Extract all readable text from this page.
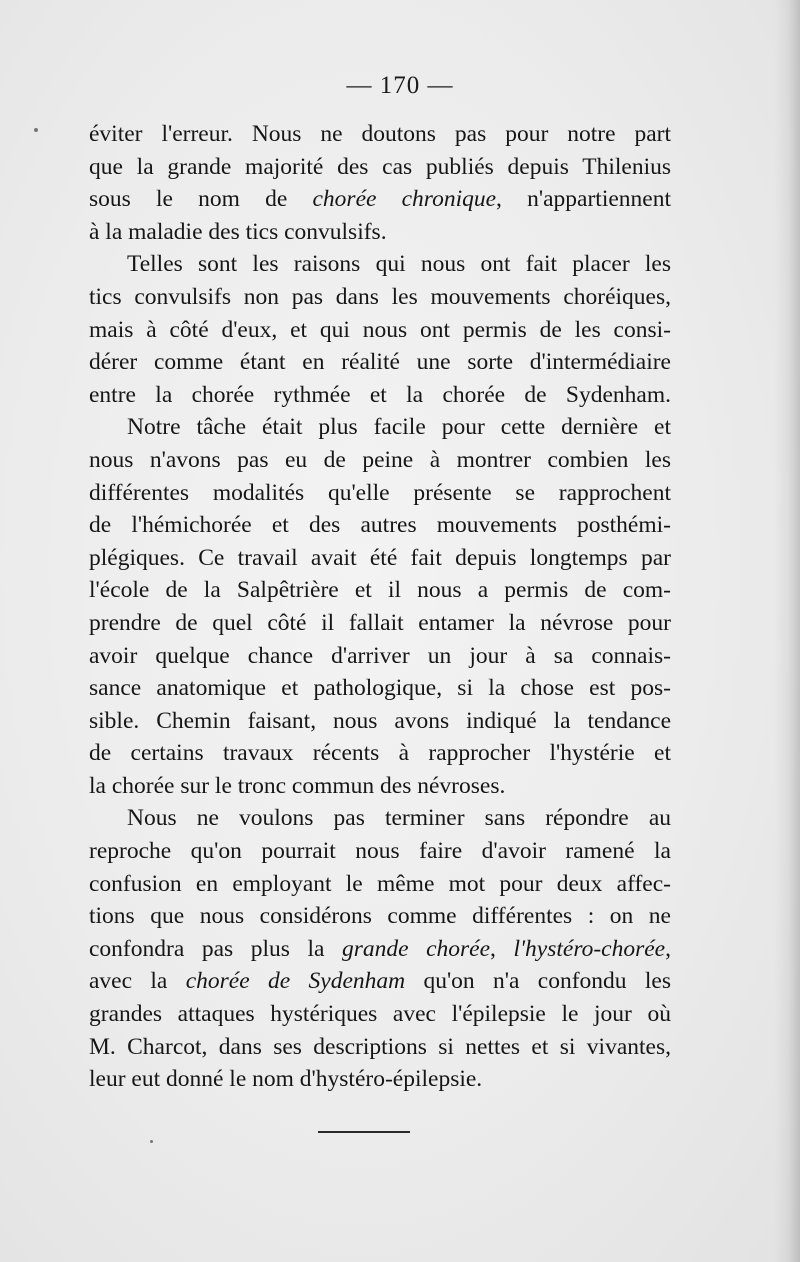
— 170 —
éviter l'erreur. Nous ne doutons pas pour notre part
que la grande majorité des cas publiés depuis Thilenius
sous le nom de chorée chronique, n'appartiennent
à la maladie des tics convulsifs.
Telles sont les raisons qui nous ont fait placer les
tics convulsifs non pas dans les mouvements choréiques,
mais à côté d'eux, et qui nous ont permis de les consi-
dérer comme étant en réalité une sorte d'intermédiaire
entre la chorée rythmée et la chorée de Sydenham.
Notre tâche était plus facile pour cette dernière et
nous n'avons pas eu de peine à montrer combien les
différentes modalités qu'elle présente se rapprochent
de l'hémichorée et des autres mouvements posthémi-
plégiques. Ce travail avait été fait depuis longtemps par
l'école de la Salpêtrière et il nous a permis de com-
prendre de quel côté il fallait entamer la névrose pour
avoir quelque chance d'arriver un jour à sa connais-
sance anatomique et pathologique, si la chose est pos-
sible. Chemin faisant, nous avons indiqué la tendance
de certains travaux récents à rapprocher l'hystérie et
la chorée sur le tronc commun des névroses.
Nous ne voulons pas terminer sans répondre au
reproche qu'on pourrait nous faire d'avoir ramené la
confusion en employant le même mot pour deux affec-
tions que nous considérons comme différentes : on ne
confondra pas plus la grande chorée, l'hystéro-chorée,
avec la chorée de Sydenham qu'on n'a confondu les
grandes attaques hystériques avec l'épilepsie le jour où
M. Charcot, dans ses descriptions si nettes et si vivantes,
leur eut donné le nom d'hystéro-épilepsie.
